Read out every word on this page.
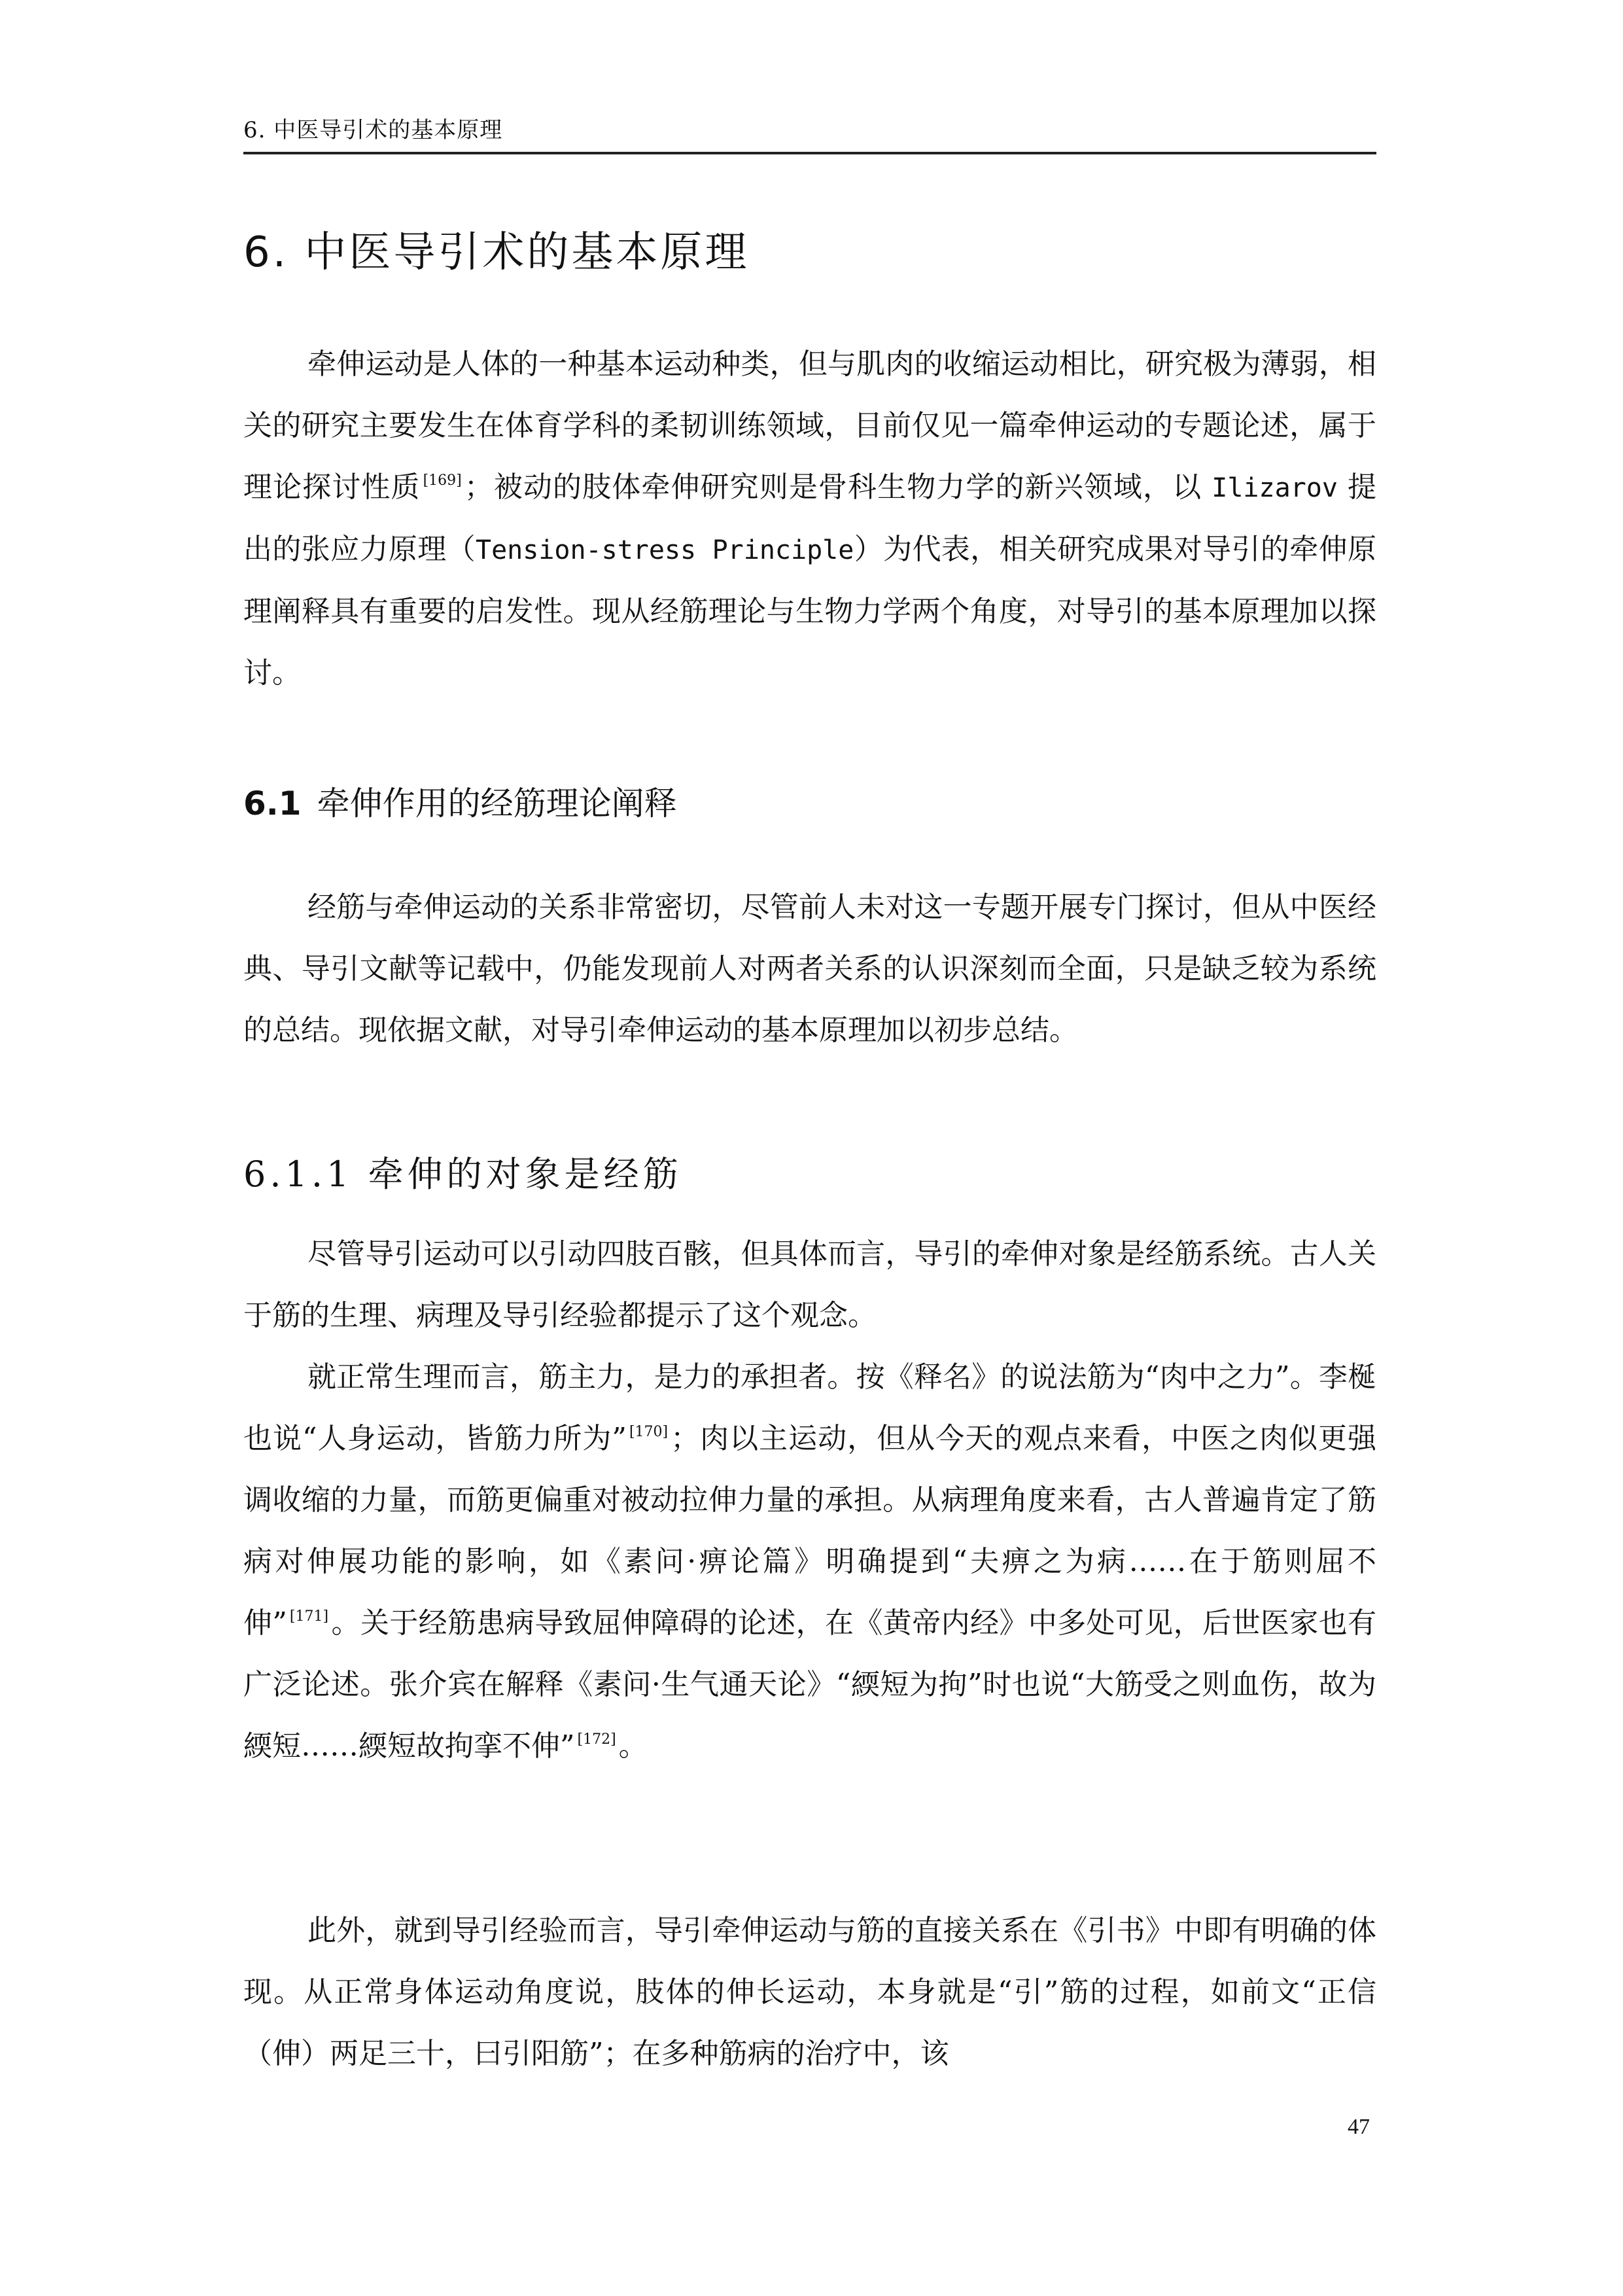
6. 中医导引术的基本原理
6. 中医导引术的基本原理

牵伸运动是人体的一种基本运动种类，但与肌肉的收缩运动相比，研究极为薄弱，相关的研究主要发生在体育学科的柔韧训练领域，目前仅见一篇牵伸运动的专题论述，属于理论探讨性质 [169]；被动的肢体牵伸研究则是骨科生物力学的新兴领域，以 Ilizarov 提出的张应力原理（Tension-stress Principle）为代表，相关研究成果对导引的牵伸原理阐释具有重要的启发性。现从经筋理论与生物力学两个角度，对导引的基本原理加以探讨。

6.1 牵伸作用的经筋理论阐释

经筋与牵伸运动的关系非常密切，尽管前人未对这一专题开展专门探讨，但从中医经典、导引文献等记载中，仍能发现前人对两者关系的认识深刻而全面，只是缺乏较为系统的总结。现依据文献，对导引牵伸运动的基本原理加以初步总结。

6.1.1 牵伸的对象是经筋

尽管导引运动可以引动四肢百骸，但具体而言，导引的牵伸对象是经筋系统。古人关于筋的生理、病理及导引经验都提示了这个观念。

就正常生理而言，筋主力，是力的承担者。按《释名》的说法筋为“肉中之力”。李梴也说“人身运动，皆筋力所为” [170]；肉以主运动，但从今天的观点来看，中医之肉似更强调收缩的力量，而筋更偏重对被动拉伸力量的承担。从病理角度来看，古人普遍肯定了筋病对伸展功能的影响，如《素问·痹论篇》明确提到“夫痹之为病……在于筋则屈不伸” [171]。关于经筋患病导致屈伸障碍的论述，在《黄帝内经》中多处可见，后世医家也有广泛论述。张介宾在解释《素问·生气通天论》“緛短为拘”时也说“大筋受之则血伤，故为緛短……緛短故拘挛不伸” [172]。

此外，就到导引经验而言，导引牵伸运动与筋的直接关系在《引书》中即有明确的体现。从正常身体运动角度说，肢体的伸长运动，本身就是“引”筋的过程，如前文“正信（伸）两足三十，曰引阳筋”；在多种筋病的治疗中，该

47
